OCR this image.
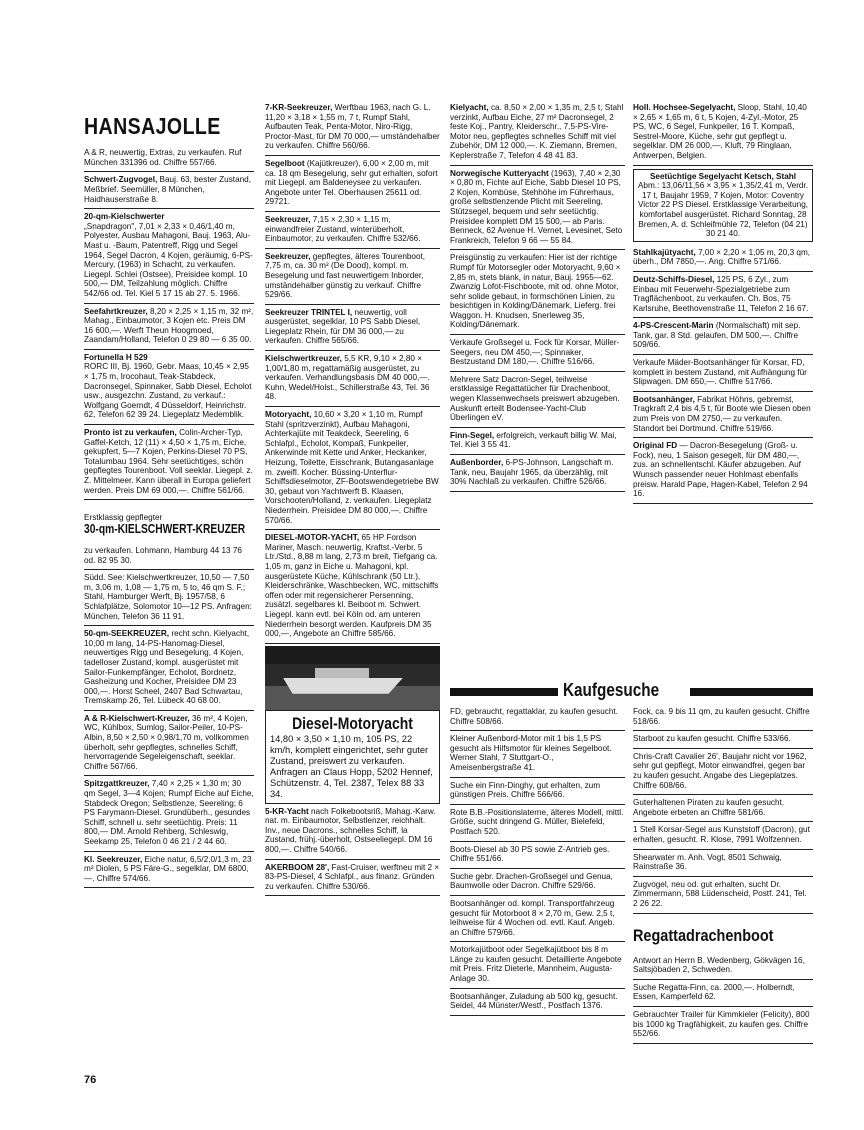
HANSAJOLLE

A & R, neuwertig, Extras, zu verkaufen. Ruf München 331396 od. Chiffre 557/66.

Schwert-Zugvogel, Bauj. 63, bester Zustand, Meßbrief. Seemüller, 8 München, Haidhauserstraße 8.
20-qm-Kielschwerter
„Snapdragon", 7,01 × 2,33 × 0,46/1,40 m, Polyester, Ausbau Mahagoni, Bauj. 1963, Alu-Mast u. -Baum, Patentreff, Rigg und Segel 1964, Segel Dacron, 4 Kojen, geräumig, 6-PS-Mercury, (1963) in Schacht, zu verkaufen. Liegepl. Schlei (Ostsee), Preisidee kompl. 10 500,— DM, Teilzahlung möglich. Chiffre 542/66 od. Tel. Kiel 5 17 15 ab 27. 5. 1966.
Seefahrtkreuzer, 8,20 × 2,25 × 1,15 m, 32 m², Mahag., Einbaumotor, 3 Kojen etc. Preis DM 16 600,—. Werft Theun Hoogmoed, Zaandam/Holland, Telefon 0 29 80 — 6 35 00.
Fortunella H 529
RORC III, Bj. 1960, Gebr. Maas, 10,45 × 2,95 × 1,75 m, Irocohaut, Teak-Stabdeck, Dacronsegel, Spinnaker, Sabb Diesel, Echolot usw., ausgezchn. Zustand, zu verkauf.: Wolfgang Goerndt, 4 Düsseldorf, Heinrichstr. 62, Telefon 62 39 24. Liegeplatz Medemblik.
Pronto ist zu verkaufen, Colin-Archer-Typ, Gaffel-Ketch, 12 (11) × 4,50 × 1,75 m, Eiche, gekupfert, 5—7 Kojen, Perkins-Diesel 70 PS, Totalumbau 1964. Sehr seetüchtiges, schön gepflegtes Tourenboot. Voll seeklar. Liegepl. z. Z. Mittelmeer. Kann überall in Europa geliefert werden. Preis DM 69 000,—. Chiffre 561/66.

Erstklassig gepflegter

30-qm-KIELSCHWERT-KREUZER

zu verkaufen. Lohmann, Hamburg 44 13 76 od. 82 95 30.

Südd. See: Kielschwertkreuzer, 10,50 — 7,50 m, 3,06 m, 1,08 — 1,75 m, 5 to, 46 qm S. F.; Stahl, Hamburger Werft, Bj. 1957/58, 6 Schlafplätze, Solomotor 10—12 PS. Anfragen: München, Telefon 36 11 91.
50-qm-SEEKREUZER, recht schn. Kielyacht, 10,00 m lang, 14-PS-Hanomag-Diesel, neuwertiges Rigg und Besegelung, 4 Kojen, tadelloser Zustand, kompl. ausgerüstet mit Sailor-Funkempfänger, Echolot, Bordnetz, Gasheizung und Kocher, Preisidee DM 23 000,—. Horst Scheel, 2407 Bad Schwartau, Tremskamp 26, Tel. Lübeck 40 68 00.
A & R-Kielschwert-Kreuzer, 36 m², 4 Kojen, WC, Kühlbox, Sumlog, Sailor-Peiler, 10-PS-Albin, 8,50 × 2,50 × 0,98/1,70 m, vollkommen überholt, sehr gepflegtes, schnelles Schiff, hervorragende Segeleigenschaft, seeklar. Chiffre 567/66.
Spitzgattkreuzer, 7,40 × 2,25 × 1,30 m; 30 qm Segel, 3—4 Kojen; Rumpf Eiche auf Eiche, Stabdeck Oregon; Selbstlenze, Seereling; 6 PS Farymann-Diesel. Grundüberh., gesundes Schiff, schnell u. sehr seetüchtig. Preis: 11 800,— DM. Arnold Rehberg, Schleswig, Seekamp 25, Telefon 0 46 21 / 2 44 60.
Kl. Seekreuzer, Eiche natur, 6,5/2,0/1,3 m, 23 m² Diolen, 5 PS Färe-G., segelklar, DM 6800,—. Chiffre 574/66.
7-KR-Seekreuzer, Werftbau 1963, nach G. L. 11,20 × 3,18 × 1,55 m, 7 t, Rumpf Stahl, Aufbauten Teak, Penta-Motor, Niro-Rigg, Proctor-Mast, für DM 70 000,— umständehalber zu verkaufen. Chiffre 560/66.
Segelboot (Kajütkreuzer), 6,00 × 2,00 m, mit ca. 18 qm Besegelung, sehr gut erhalten, sofort mit Liegepl. am Baldeneysee zu verkaufen. Angebote unter Tel. Oberhausen 25611 od. 29721.
Seekreuzer, 7,15 × 2,30 × 1,15 m, einwandfreier Zustand, winterüberholt, Einbaumotor, zu verkaufen. Chiffre 532/66.
Seekreuzer, gepflegtes, älteres Tourenboot, 7,75 m, ca. 30 m² (De Dood), kompl. m. Besegelung und fast neuwertigem Inborder, umständehalber günstig zu verkauf. Chiffre 529/66.
Seekreuzer TRINTEL I, neuwertig, voll ausgerüstet, segelklar, 10 PS Sabb Diesel, Liegeplatz Rhein, für DM 36 000,— zu verkaufen. Chiffre 565/66.
Kielschwertkreuzer, 5,5 KR, 9,10 × 2,80 × 1,00/1,80 m, regattamäßig ausgerüstet, zu verkaufen. Verhandlungsbasis DM 40 000,—. Kuhn, Wedel/Holst., Schillerstraße 43, Tel. 36 48.
Motoryacht, 10,60 × 3,20 × 1,10 m, Rumpf Stahl (spritzverzinkt), Aufbau Mahagoni, Achterkajüte mit Teakdeck, Seereling, 6 Schlafpl., Echolot, Kompaß, Funkpeiler, Ankerwinde mit Kette und Anker, Heckanker, Heizung, Toilette, Eisschrank, Butangasanlage m. zweifl. Kocher. Büssing-Unterflur-Schiffsdieselmotor, ZF-Bootswendegetriebe BW 30, gebaut von Yachtwerft B. Klaasen, Vorschooten/Holland, z. verkaufen. Liegeplatz Niederrhein. Preisidee DM 80 000,—. Chiffre 570/66.
DIESEL-MOTOR-YACHT, 65 HP Fordson Mariner, Masch. neuwertig, Kraftst.-Verbr. 5 Ltr./Std., 8,88 m lang, 2,73 m breit, Tiefgang ca. 1,05 m, ganz in Eiche u. Mahagoni, kpl. ausgerüstete Küche, Kühlschrank (50 Ltr.), Kleiderschränke, Waschbecken, WC, mittschiffs offen oder mit regensicherer Persenning, zusätzl. segelbares kl. Beiboot m. Schwert. Liegepl. kann evtl. bei Köln od. am unteren Niederrhein besorgt werden. Kaufpreis DM 35 000,—, Angebote an Chiffre 585/66.
Diesel-Motoryacht
14,80 × 3,50 × 1,10 m, 105 PS, 22 km/h, komplett eingerichtet, sehr guter Zustand, preiswert zu verkaufen. Anfragen an Claus Hopp, 5202 Hennef, Schützenstr. 4, Tel. 2387, Telex 88 33 34.
5-KR-Yacht nach Folkebootsriß, Mahag.-Karw. nat. m. Einbaumotor, Selbstlenzer, reichhalt. Inv., neue Dacrons., schnelles Schiff, la Zustand, frühj.-überholt, Ostseeliegepl. DM 16 800,—. Chiffre 540/66.
AKERBOOM 28', Fast-Cruiser, werftneu mit 2 × 83-PS-Diesel, 4 Schlafpl., aus finanz. Gründen zu verkaufen. Chiffre 530/66.
Kielyacht, ca. 8,50 × 2,00 × 1,35 m, 2,5 t, Stahl verzinkt, Aufbau Eiche, 27 m² Dacronsegel, 2 feste Koj., Pantry, Kleiderschr., 7,5-PS-Vire-Motor neu, gepflegtes schnelles Schiff mit viel Zubehör, DM 12 000,—. K. Ziemann, Bremen, Keplerstraße 7, Telefon 4 48 41 83.
Norwegische Kutteryacht (1963), 7,40 × 2,30 × 0,80 m, Fichte auf Eiche, Sabb Diesel 10 PS, 2 Kojen, Kombüse, Stehhöhe im Führerhaus, große selbstlenzende Plicht mit Seereling, Stützsegel, bequem und sehr seetüchtig. Preisidee komplett DM 15 500,— ab Paris. Benneck, 62 Avenue H. Vernet, Levesinet, Seto Frankreich, Telefon 9 66 — 55 84.
Preisgünstig zu verkaufen: Hier ist der richtige Rumpf für Motorsegler oder Motoryacht, 9,60 × 2,85 m, stets blank, in natur, Bauj. 1955—62. Zwanzig Lofot-Fischboote, mit od. ohne Motor, sehr solide gebaut, in formschönen Linien, zu besichtigen in Kolding/Dänemark, Lieferg. frei Waggon. H. Knudsen, Snerleweg 35, Kolding/Dänemark.
Verkaufe Großsegel u. Fock für Korsar, Müller-Seegers, neu DM 450,—; Spinnaker, Bestzustand DM 180,—. Chiffre 516/66.
Mehrere Satz Dacron-Segel, teilweise erstklassige Regattatücher für Drachenboot, wegen Klassenwechsels preiswert abzugeben. Auskunft erteilt Bodensee-Yacht-Club Überlingen eV.
Finn-Segel, erfolgreich, verkauft billig W. Mai, Tel. Kiel 3 55 41.
Außenborder, 6-PS-Johnson, Langschaft m. Tank, neu, Baujahr 1965, da überzählig, mit 30% Nachlaß zu verkaufen. Chiffre 526/66.
Holl. Hochsee-Segelyacht, Sloop, Stahl, 10,40 × 2,65 × 1,65 m, 6 t, 5 Kojen, 4-Zyl.-Motor, 25 PS, WC, 6 Segel, Funkpeiler, 16 T. Kompaß, Sestrel-Moore, Küche, sehr gut gepflegt u. segelklar. DM 26 000,—. Kluft, 79 Ringlaan, Antwerpen, Belgien.
Seetüchtige Segelyacht Ketsch, Stahl
Abm.: 13,06/11,56 × 3,95 × 1,35/2,41 m, Verdr. 17 t, Baujahr 1959, 7 Kojen, Motor: Coventry Victor 22 PS Diesel. Erstklassige Verarbeitung, komfortabel ausgerüstet. Richard Sonntag, 28 Bremen, A. d. Schleifmühle 72, Telefon (04 21) 30 21 40.
Stahlkajütyacht, 7,00 × 2,20 × 1,05 m, 20,3 qm, überh., DM 7850,—. Ang. Chiffre 571/66.
Deutz-Schiffs-Diesel, 125 PS, 6 Zyl., zum Einbau mit Feuerwehr-Spezialgetriebe zum Tragflächenboot, zu verkaufen. Ch. Bos, 75 Karlsruhe, Beethovenstraße 11, Telefon 2 16 67.
4-PS-Crescent-Marin (Normalschaft) mit sep. Tank, gar. 8 Std. gelaufen, DM 500,—. Chiffre 509/66.
Verkaufe Mäder-Bootsanhänger für Korsar, FD, komplett in bestem Zustand, mit Aufhängung für Slipwagen. DM 650,—. Chiffre 517/66.
Bootsanhänger, Fabrikat Höhns, gebremst, Tragkraft 2,4 bis 4,5 t, für Boote wie Diesen oben zum Preis von DM 2750,— zu verkaufen. Standort bei Dortmund. Chiffre 519/66.
Original FD — Dacron-Besegelung (Groß- u. Fock), neu, 1 Saison gesegelt, für DM 480,—, zus. an schnellentschl. Käufer abzugeben. Auf Wunsch passender neuer Hohlmast ebenfalls preisw. Harald Pape, Hagen-Kabel, Telefon 2 94 16.
Kaufgesuche
FD, gebraucht, regattaklar, zu kaufen gesucht. Chiffre 508/66.
Kleiner Außenbord-Motor mit 1 bis 1,5 PS gesucht als Hilfsmotor für kleines Segelboot. Werner Stahl, 7 Stuttgart-O., Ameisenbergstraße 41.
Suche ein Finn-Dinghy, gut erhalten, zum günstigen Preis. Chiffre 566/66.
Rote B.B.-Positionslaterne, älteres Modell, mittl. Größe, sucht dringend G. Müller, Bielefeld, Postfach 520.
Boots-Diesel ab 30 PS sowie Z-Antrieb ges. Chiffre 551/66.
Suche gebr. Drachen-Großsegel und Genua, Baumwolle oder Dacron. Chiffre 529/66.
Bootsanhänger od. kompl. Transportfahrzeug gesucht für Motorboot 8 × 2,70 m, Gew. 2,5 t, leihweise für 4 Wochen od. evtl. Kauf. Angeb. an Chiffre 579/66.
Motorkajütboot oder Segelkajütboot bis 8 m Länge zu kaufen gesucht. Detaillierte Angebote mit Preis. Fritz Dieterle, Mannheim, Augusta-Anlage 30.
Bootsanhänger, Zuladung ab 500 kg, gesucht. Seidel, 44 Münster/Westf., Postfach 1376.
Fock, ca. 9 bis 11 qm, zu kaufen gesucht. Chiffre 518/66.
Starboot zu kaufen gesucht. Chiffre 533/66.
Chris-Craft Cavalier 26', Baujahr nicht vor 1962, sehr gut gepflegt, Motor einwandfrei, gegen bar zu kaufen gesucht. Angabe des Liegeplatzes. Chiffre 608/66.
Guterhaltenen Piraten zu kaufen gesucht. Angebote erbeten an Chiffre 581/66.
1 Stell Korsar-Segel aus Kunststoff (Dacron), gut erhalten, gesucht. R. Klose, 7991 Wolfzennen.
Shearwater m. Anh. Vogt, 8501 Schwaig, Rainstraße 36.
Zugvogel, neu od. gut erhalten, sucht Dr. Zimmermann, 588 Lüdenscheid, Postf. 241, Tel. 2 26 22.

Regattadrachenboot

Antwort an Herrn B. Wedenberg, Gökvägen 16, Saltsjöbaden 2, Schweden.

Suche Regatta-Finn, ca. 2000,—. Holberndt, Essen, Kamperfeld 62.
Gebrauchter Trailer für Kimmkieler (Felicity), 800 bis 1000 kg Tragfähigkeit, zu kaufen ges. Chiffre 552/66.
76
